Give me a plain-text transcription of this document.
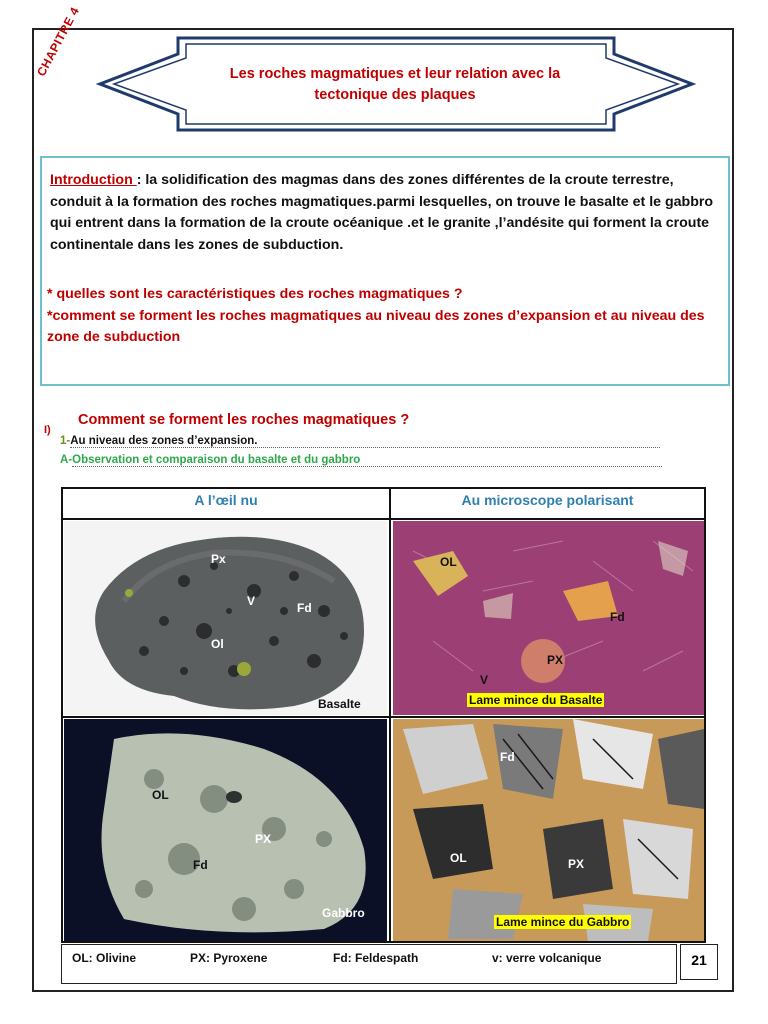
CHAPITRE 4	Les roches magmatiques et leur relation avec la
tectonique des plaques
Introduction : la solidification des magmas dans des zones différentes de la croute terrestre, conduit à la formation des roches magmatiques.parmi lesquelles, on trouve le basalte et le gabbro qui entrent dans la formation de la croute océanique .et le granite ,l’andésite qui forment la croute continentale dans les zones de subduction.
* quelles sont les caractéristiques des roches magmatiques ?
*comment se forment les roches magmatiques au niveau des zones d’expansion et au niveau des zone de subduction
I)
Comment se forment les roches magmatiques ?
1-Au niveau des zones d’expansion.
A-Observation et comparaison du basalte et du gabbro
A l’œil nu	Au microscope polarisant
Px
V	Fd
Ol
Basalte
OL
Fd
PX
V
Lame mince du Basalte
OL
PX
Fd
Gabbro
Fd
OL	PX
Lame mince du Gabbro
OL: Olivine	PX: Pyroxene	Fd: Feldespath	v: verre volcanique	21
